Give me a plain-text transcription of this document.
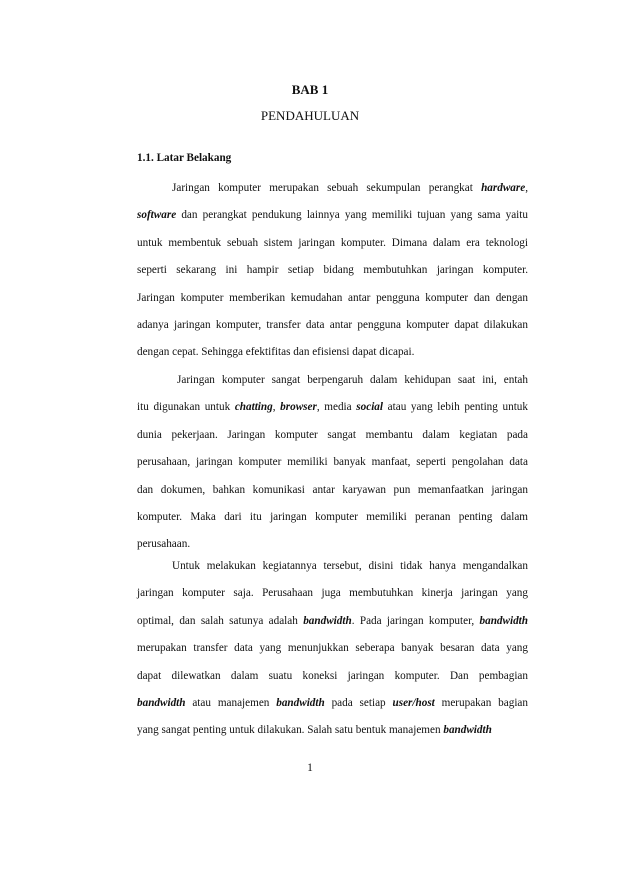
BAB 1
PENDAHULUAN
1.1. Latar Belakang

Jaringan komputer merupakan sebuah sekumpulan perangkat hardware,
software dan perangkat pendukung lainnya yang memiliki tujuan yang sama yaitu
untuk membentuk sebuah sistem jaringan komputer. Dimana dalam era teknologi
seperti sekarang ini hampir setiap bidang membutuhkan jaringan komputer.
Jaringan komputer memberikan kemudahan antar pengguna komputer dan dengan
adanya jaringan komputer, transfer data antar pengguna komputer dapat dilakukan
dengan cepat. Sehingga efektifitas dan efisiensi dapat dicapai.

Jaringan komputer sangat berpengaruh dalam kehidupan saat ini, entah
itu digunakan untuk chatting, browser, media social atau yang lebih penting untuk
dunia pekerjaan. Jaringan komputer sangat membantu dalam kegiatan pada
perusahaan, jaringan komputer memiliki banyak manfaat, seperti pengolahan data
dan dokumen, bahkan komunikasi antar karyawan pun memanfaatkan jaringan
komputer. Maka dari itu jaringan komputer memiliki peranan penting dalam
perusahaan.

Untuk melakukan kegiatannya tersebut, disini tidak hanya mengandalkan
jaringan komputer saja. Perusahaan juga membutuhkan kinerja jaringan yang
optimal, dan salah satunya adalah bandwidth. Pada jaringan komputer, bandwidth
merupakan transfer data yang menunjukkan seberapa banyak besaran data yang
dapat dilewatkan dalam suatu koneksi jaringan komputer. Dan pembagian
bandwidth atau manajemen bandwidth pada setiap user/host merupakan bagian
yang sangat penting untuk dilakukan. Salah satu bentuk manajemen bandwidth

1
